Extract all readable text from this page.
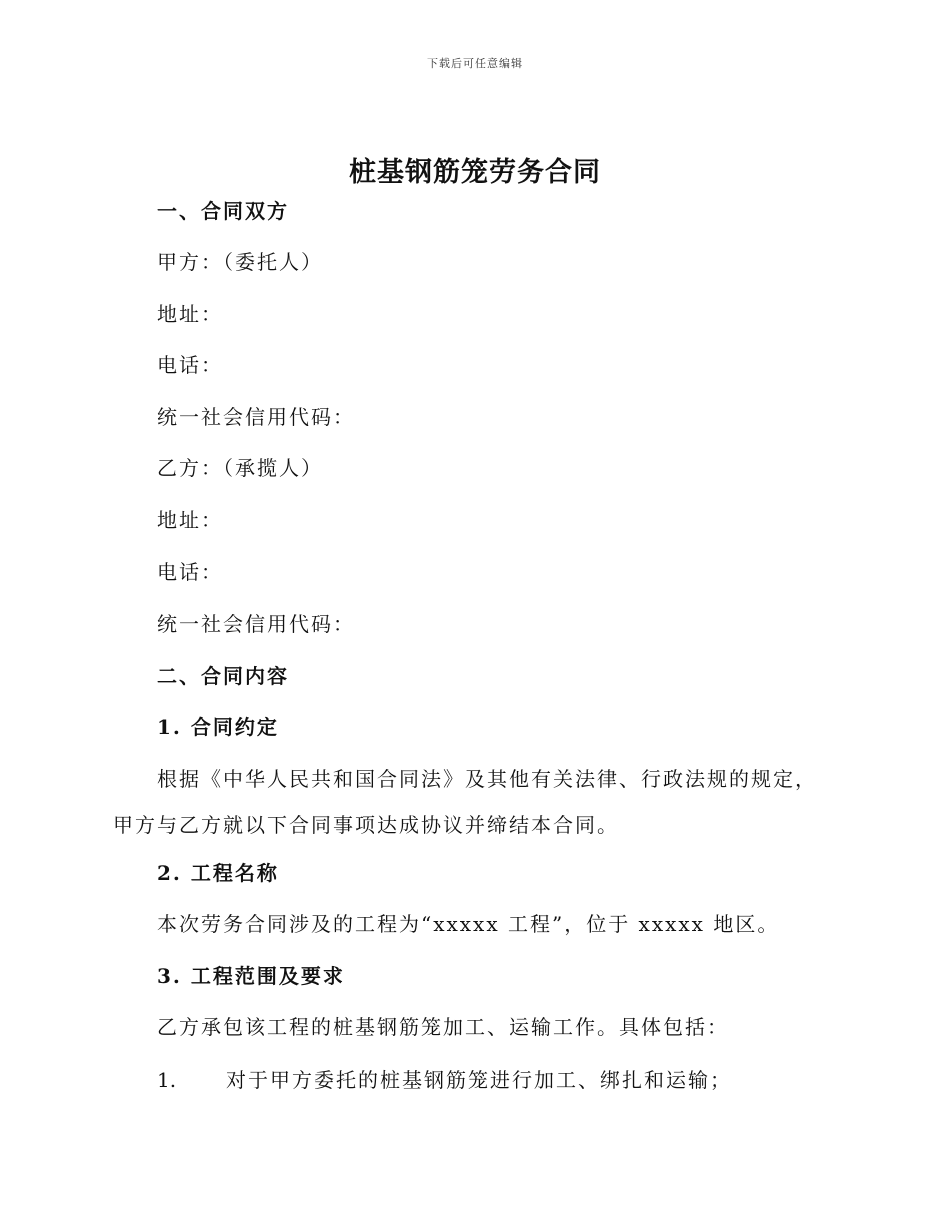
下载后可任意编辑
桩基钢筋笼劳务合同
一、合同双方
甲方：（委托人）
地址：
电话：
统一社会信用代码：
乙方：（承揽人）
地址：
电话：
统一社会信用代码：
二、合同内容
1. 合同约定
根据《中华人民共和国合同法》及其他有关法律、行政法规的规定，甲方与乙方就以下合同事项达成协议并缔结本合同。
2. 工程名称
本次劳务合同涉及的工程为“xxxxx 工程”，位于 xxxxx 地区。
3. 工程范围及要求
乙方承包该工程的桩基钢筋笼加工、运输工作。具体包括：
1. 对于甲方委托的桩基钢筋笼进行加工、绑扎和运输；
